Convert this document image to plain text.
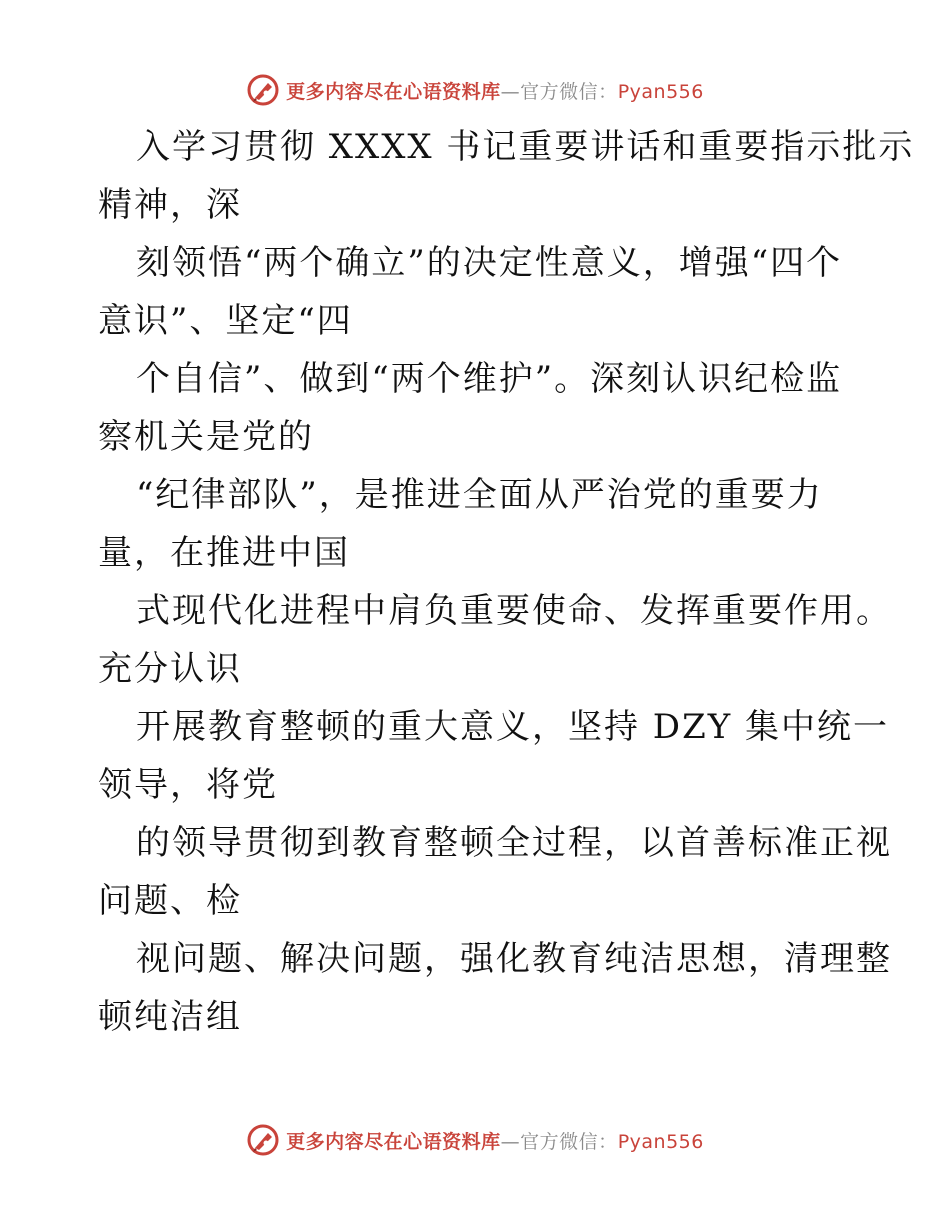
更多内容尽在心语资料库 — 官方微信： Pyan556

入学习贯彻 XXXX 书记重要讲话和重要指示批示
精神，深

刻领悟“两个确立”的决定性意义，增强“四个
意识”、坚定“四

个自信”、做到“两个维护”。深刻认识纪检监
察机关是党的

“纪律部队”，是推进全面从严治党的重要力
量，在推进中国

式现代化进程中肩负重要使命、发挥重要作用。
充分认识

开展教育整顿的重大意义，坚持 DZY 集中统一
领导，将党

的领导贯彻到教育整顿全过程，以首善标准正视
问题、检

视问题、解决问题，强化教育纯洁思想，清理整
顿纯洁组

更多内容尽在心语资料库 — 官方微信： Pyan556
